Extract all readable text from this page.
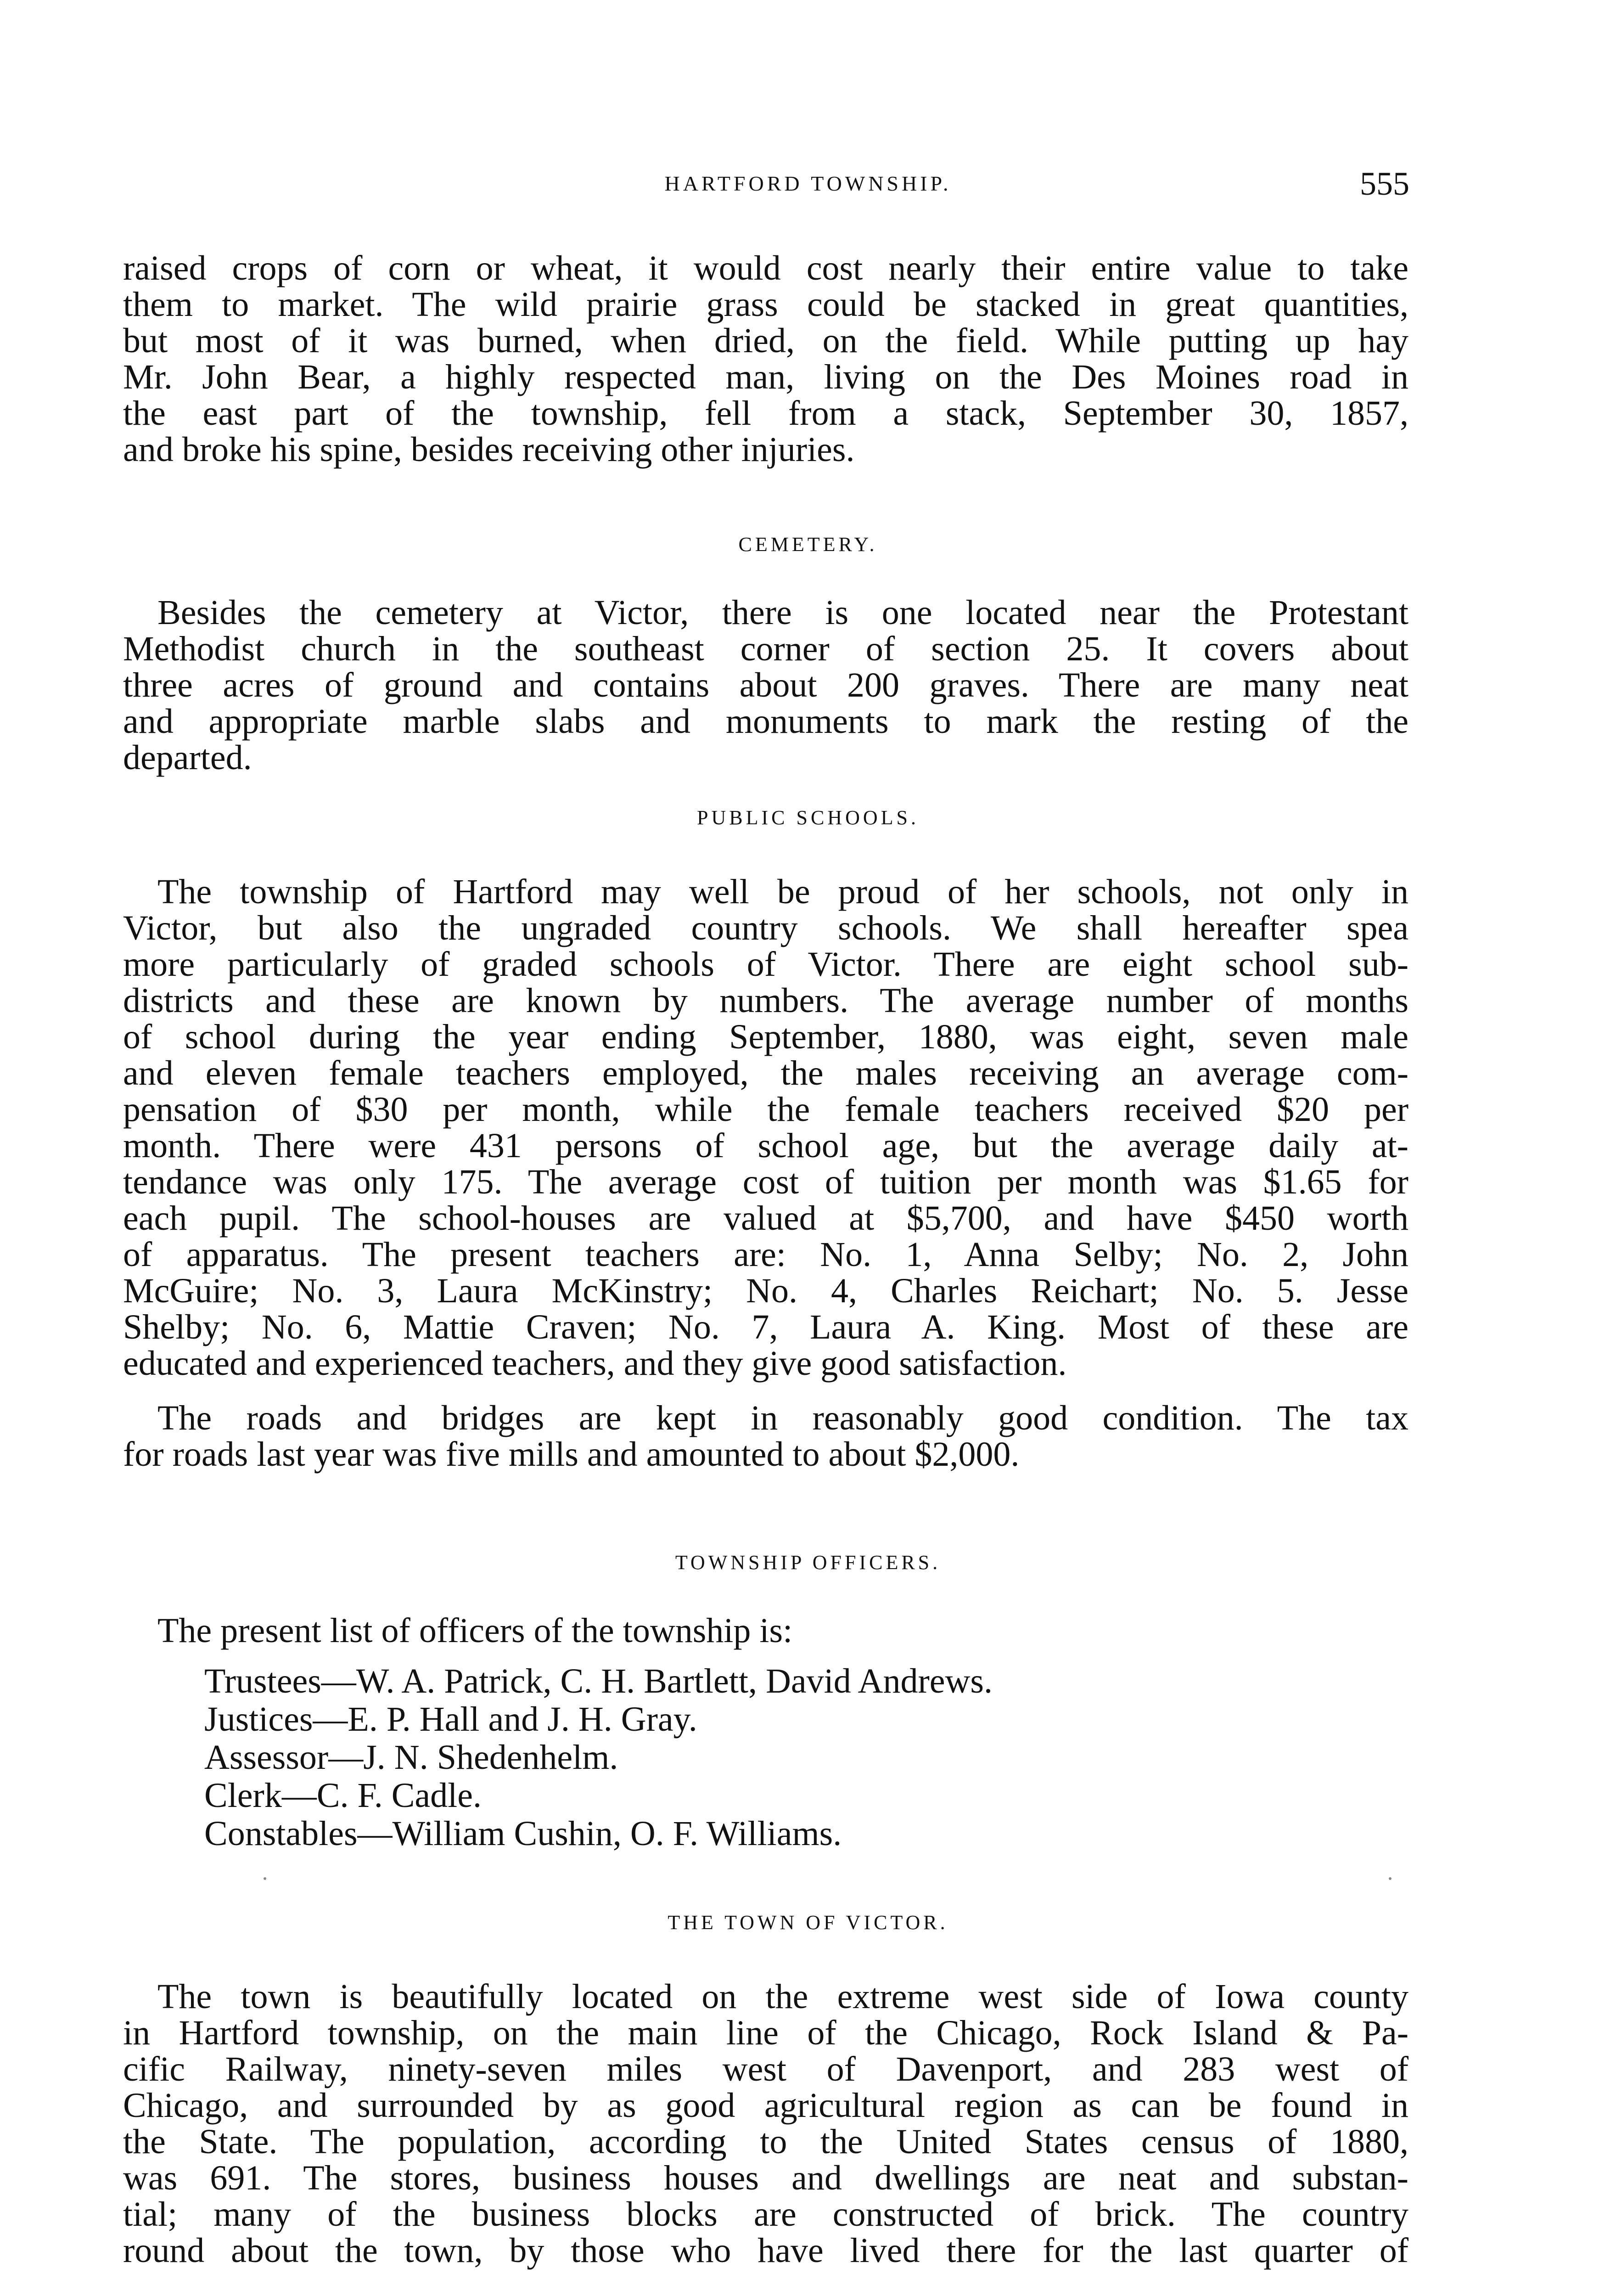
HARTFORD TOWNSHIP.	555
raised crops of corn or wheat, it would cost nearly their entire value to take
them to market. The wild prairie grass could be stacked in great quantities,
but most of it was burned, when dried, on the field. While putting up hay
Mr. John Bear, a highly respected man, living on the Des Moines road in
the east part of the township, fell from a stack, September 30, 1857,
and broke his spine, besides receiving other injuries.
CEMETERY.
Besides the cemetery at Victor, there is one located near the Protestant
Methodist church in the southeast corner of section 25. It covers about
three acres of ground and contains about 200 graves. There are many neat
and appropriate marble slabs and monuments to mark the resting of the
departed.
PUBLIC SCHOOLS.
The township of Hartford may well be proud of her schools, not only in
Victor, but also the ungraded country schools. We shall hereafter spea
more particularly of graded schools of Victor. There are eight school sub-
districts and these are known by numbers. The average number of months
of school during the year ending September, 1880, was eight, seven male
and eleven female teachers employed, the males receiving an average com-
pensation of $30 per month, while the female teachers received $20 per
month. There were 431 persons of school age, but the average daily at-
tendance was only 175. The average cost of tuition per month was $1.65 for
each pupil. The school-houses are valued at $5,700, and have $450 worth
of apparatus. The present teachers are: No. 1, Anna Selby; No. 2, John
McGuire; No. 3, Laura McKinstry; No. 4, Charles Reichart; No. 5. Jesse
Shelby; No. 6, Mattie Craven; No. 7, Laura A. King. Most of these are
educated and experienced teachers, and they give good satisfaction.
The roads and bridges are kept in reasonably good condition. The tax
for roads last year was five mills and amounted to about $2,000.
TOWNSHIP OFFICERS.
The present list of officers of the township is:
Trustees—W. A. Patrick, C. H. Bartlett, David Andrews.
Justices—E. P. Hall and J. H. Gray.
Assessor—J. N. Shedenhelm.
Clerk—C. F. Cadle.
Constables—William Cushin, O. F. Williams.
THE TOWN OF VICTOR.
The town is beautifully located on the extreme west side of Iowa county
in Hartford township, on the main line of the Chicago, Rock Island & Pa-
cific Railway, ninety-seven miles west of Davenport, and 283 west of
Chicago, and surrounded by as good agricultural region as can be found in
the State. The population, according to the United States census of 1880,
was 691. The stores, business houses and dwellings are neat and substan-
tial; many of the business blocks are constructed of brick. The country
round about the town, by those who have lived there for the last quarter of
